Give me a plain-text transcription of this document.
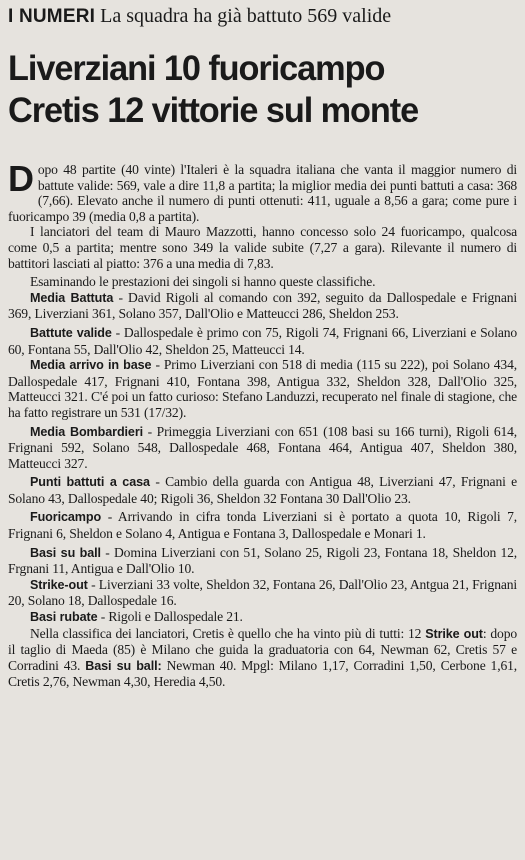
I NUMERI La squadra ha già battuto 569 valide
Liverziani 10 fuoricampo
Cretis 12 vittorie sul monte

Dopo 48 partite (40 vinte) l'Italeri è la squadra italiana che vanta il maggior numero di battute valide: 569, vale a dire 11,8 a partita; la miglior media dei punti battuti a casa: 368 (7,66). Elevato anche il numero di punti ottenuti: 411, uguale a 8,56 a gara; come pure i fuoricampo 39 (media 0,8 a partita).

I lanciatori del team di Mauro Mazzotti, hanno concesso solo 24 fuoricampo, qualcosa come 0,5 a partita; mentre sono 349 la valide subite (7,27 a gara). Rilevante il numero di battitori lasciati al piatto: 376 a una media di 7,83.

Esaminando le prestazioni dei singoli si hanno queste classifiche.

Media Battuta - David Rigoli al comando con 392, seguito da Dallospedale e Frignani 369, Liverziani 361, Solano 357, Dall'Olio e Matteucci 286, Sheldon 253.

Battute valide - Dallospedale è primo con 75, Rigoli 74, Frignani 66, Liverziani e Solano 60, Fontana 55, Dall'Olio 42, Sheldon 25, Matteucci 14.

Media arrivo in base - Primo Liverziani con 518 di media (115 su 222), poi Solano 434, Dallospedale 417, Frignani 410, Fontana 398, Antigua 332, Sheldon 328, Dall'Olio 325, Matteucci 321. C'é poi un fatto curioso: Stefano Landuzzi, recuperato nel finale di stagione, che ha fatto registrare un 531 (17/32).

Media Bombardieri - Primeggia Liverziani con 651 (108 basi su 166 turni), Rigoli 614, Frignani 592, Solano 548, Dallospedale 468, Fontana 464, Antigua 407, Sheldon 380, Matteucci 327.

Punti battuti a casa - Cambio della guarda con Antigua 48, Liverziani 47, Frignani e Solano 43, Dallospedale 40; Rigoli 36, Sheldon 32 Fontana 30 Dall'Olio 23.

Fuoricampo - Arrivando in cifra tonda Liverziani si è portato a quota 10, Rigoli 7, Frignani 6, Sheldon e Solano 4, Antigua e Fontana 3, Dallospedale e Monari 1.

Basi su ball - Domina Liverziani con 51, Solano 25, Rigoli 23, Fontana 18, Sheldon 12, Frgnani 11, Antigua e Dall'Olio 10.

Strike-out - Liverziani 33 volte, Sheldon 32, Fontana 26, Dall'Olio 23, Antgua 21, Frignani 20, Solano 18, Dallospedale 16.

Basi rubate - Rigoli e Dallospedale 21.

Nella classifica dei lanciatori, Cretis è quello che ha vinto più di tutti: 12 Strike out: dopo il taglio di Maeda (85) è Milano che guida la graduatoria con 64, Newman 62, Cretis 57 e Corradini 43. Basi su ball: Newman 40. Mpgl: Milano 1,17, Corradini 1,50, Cerbone 1,61, Cretis 2,76, Newman 4,30, Heredia 4,50.
